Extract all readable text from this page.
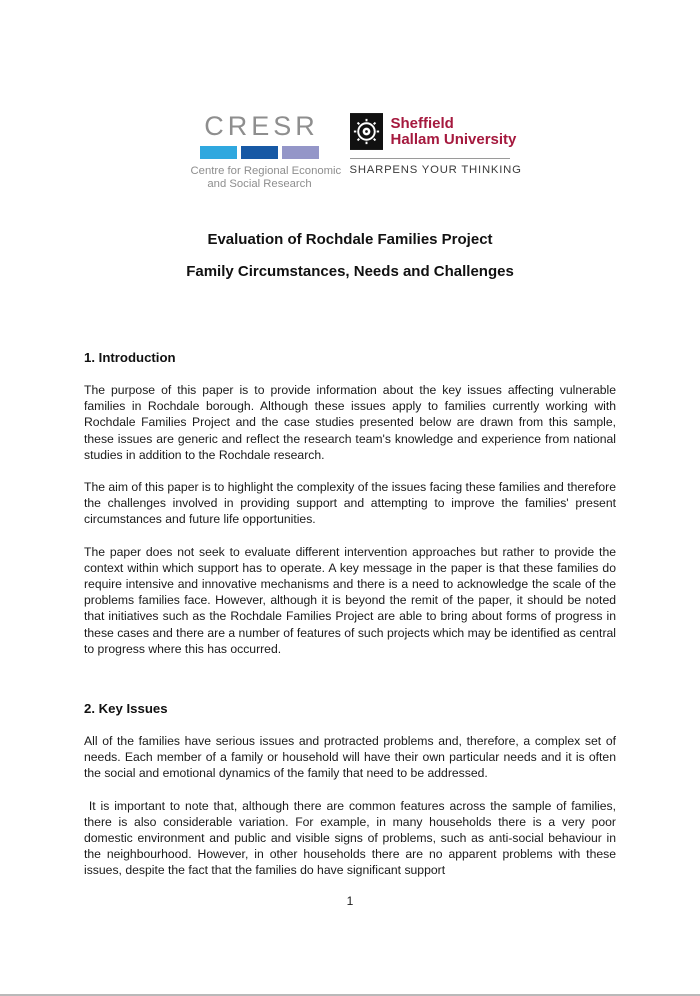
CRESR
Centre for Regional Economic
and Social Research
Sheffield
Hallam University
SHARPENS YOUR THINKING
Evaluation of Rochdale Families Project
Family Circumstances, Needs and Challenges
1. Introduction

The purpose of this paper is to provide information about the key issues affecting vulnerable families in Rochdale borough. Although these issues apply to families currently working with Rochdale Families Project and the case studies presented below are drawn from this sample, these issues are generic and reflect the research team's knowledge and experience from national studies in addition to the Rochdale research.

The aim of this paper is to highlight the complexity of the issues facing these families and therefore the challenges involved in providing support and attempting to improve the families' present circumstances and future life opportunities.

The paper does not seek to evaluate different intervention approaches but rather to provide the context within which support has to operate. A key message in the paper is that these families do require intensive and innovative mechanisms and there is a need to acknowledge the scale of the problems families face. However, although it is beyond the remit of the paper, it should be noted that initiatives such as the Rochdale Families Project are able to bring about forms of progress in these cases and there are a number of features of such projects which may be identified as central to progress where this has occurred.

2. Key Issues

All of the families have serious issues and protracted problems and, therefore, a complex set of needs. Each member of a family or household will have their own particular needs and it is often the social and emotional dynamics of the family that need to be addressed.

It is important to note that, although there are common features across the sample of families, there is also considerable variation. For example, in many households there is a very poor domestic environment and public and visible signs of problems, such as anti-social behaviour in the neighbourhood. However, in other households there are no apparent problems with these issues, despite the fact that the families do have significant support

1
